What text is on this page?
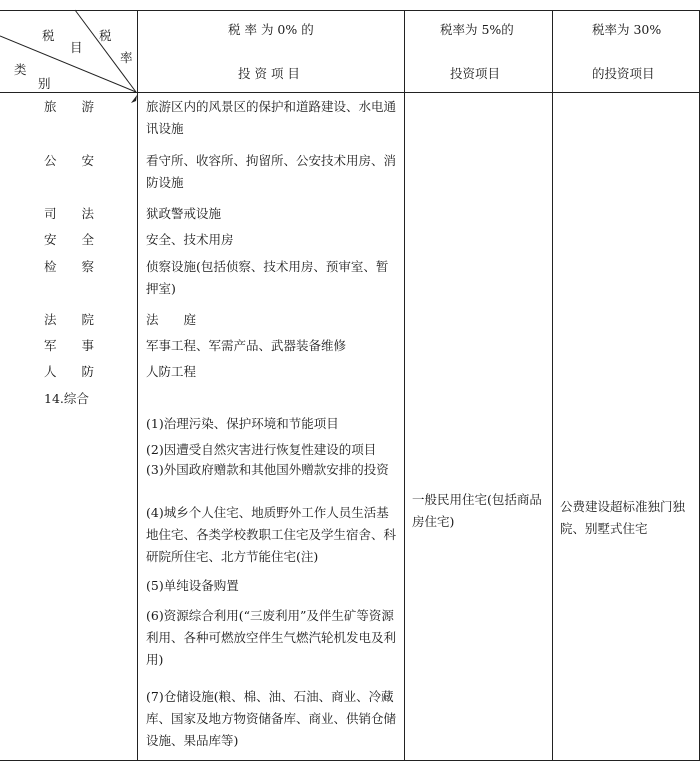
税
目
税
率
类
别
税 率 为 0% 的
投 资 项 目
税率为 5%的
投资项目
税率为 30%
的投资项目
旅　　游
公　　安
司　　法
安　　全
检　　察
法　　院
军　　事
人　　防
14.综合
旅游区内的风景区的保护和道路建设、水电通讯设施
看守所、收容所、拘留所、公安技术用房、消防设施
狱政警戒设施
安全、技术用房
侦察设施(包括侦察、技术用房、预审室、暂押室)
法　　庭
军事工程、军需产品、武器装备维修
人防工程
(1)治理污染、保护环境和节能项目
(2)因遭受自然灾害进行恢复性建设的项目
(3)外国政府赠款和其他国外赠款安排的投资
(4)城乡个人住宅、地质野外工作人员生活基地住宅、各类学校教职工住宅及学生宿舍、科研院所住宅、北方节能住宅(注)
(5)单纯设备购置
(6)资源综合利用(“三废利用”及伴生矿等资源利用、各种可燃放空伴生气燃汽轮机发电及利用)
(7)仓储设施(粮、棉、油、石油、商业、冷藏库、国家及地方物资储备库、商业、供销仓储设施、果品库等)
一般民用住宅(包括商品房住宅)
公费建设超标准独门独院、别墅式住宅
